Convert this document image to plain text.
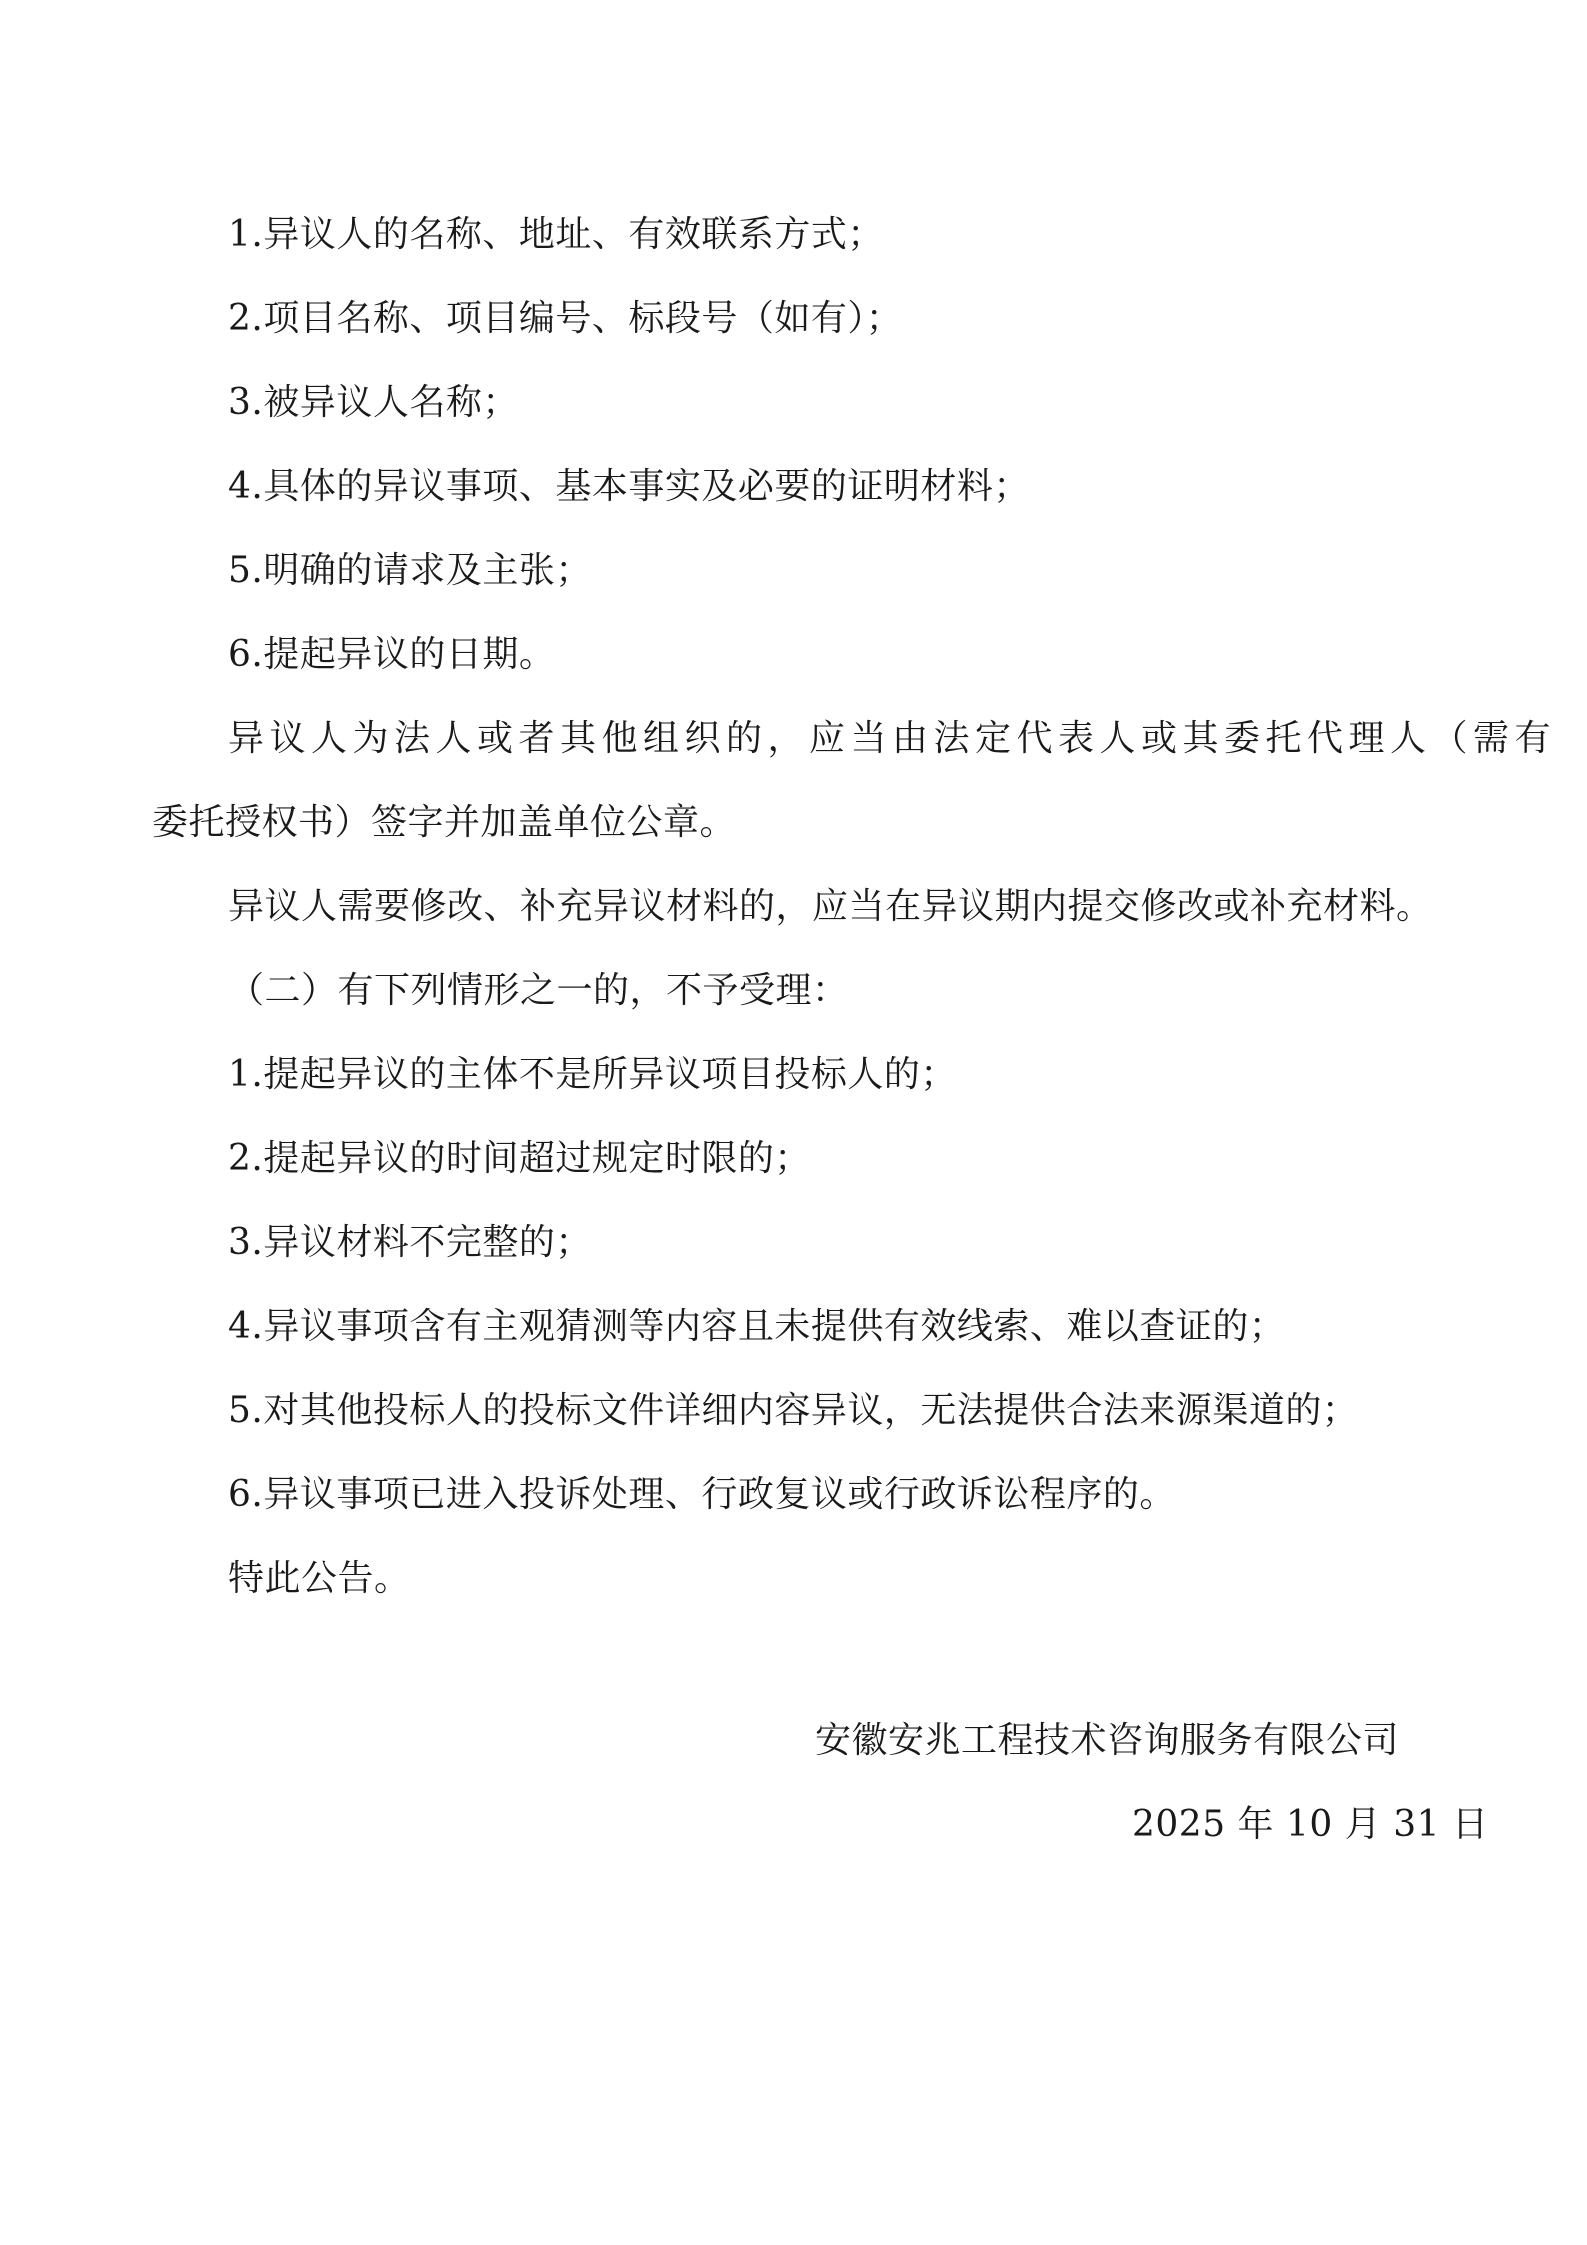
1.异议人的名称、地址、有效联系方式；
2.项目名称、项目编号、标段号（如有）；
3.被异议人名称；
4.具体的异议事项、基本事实及必要的证明材料；
5.明确的请求及主张；
6.提起异议的日期。
异议人为法人或者其他组织的，应当由法定代表人或其委托代理人（需有
委托授权书）签字并加盖单位公章。
异议人需要修改、补充异议材料的，应当在异议期内提交修改或补充材料。
（二）有下列情形之一的，不予受理：
1.提起异议的主体不是所异议项目投标人的；
2.提起异议的时间超过规定时限的；
3.异议材料不完整的；
4.异议事项含有主观猜测等内容且未提供有效线索、难以查证的；
5.对其他投标人的投标文件详细内容异议，无法提供合法来源渠道的；
6.异议事项已进入投诉处理、行政复议或行政诉讼程序的。
特此公告。
安徽安兆工程技术咨询服务有限公司
2025 年 10 月 31 日
